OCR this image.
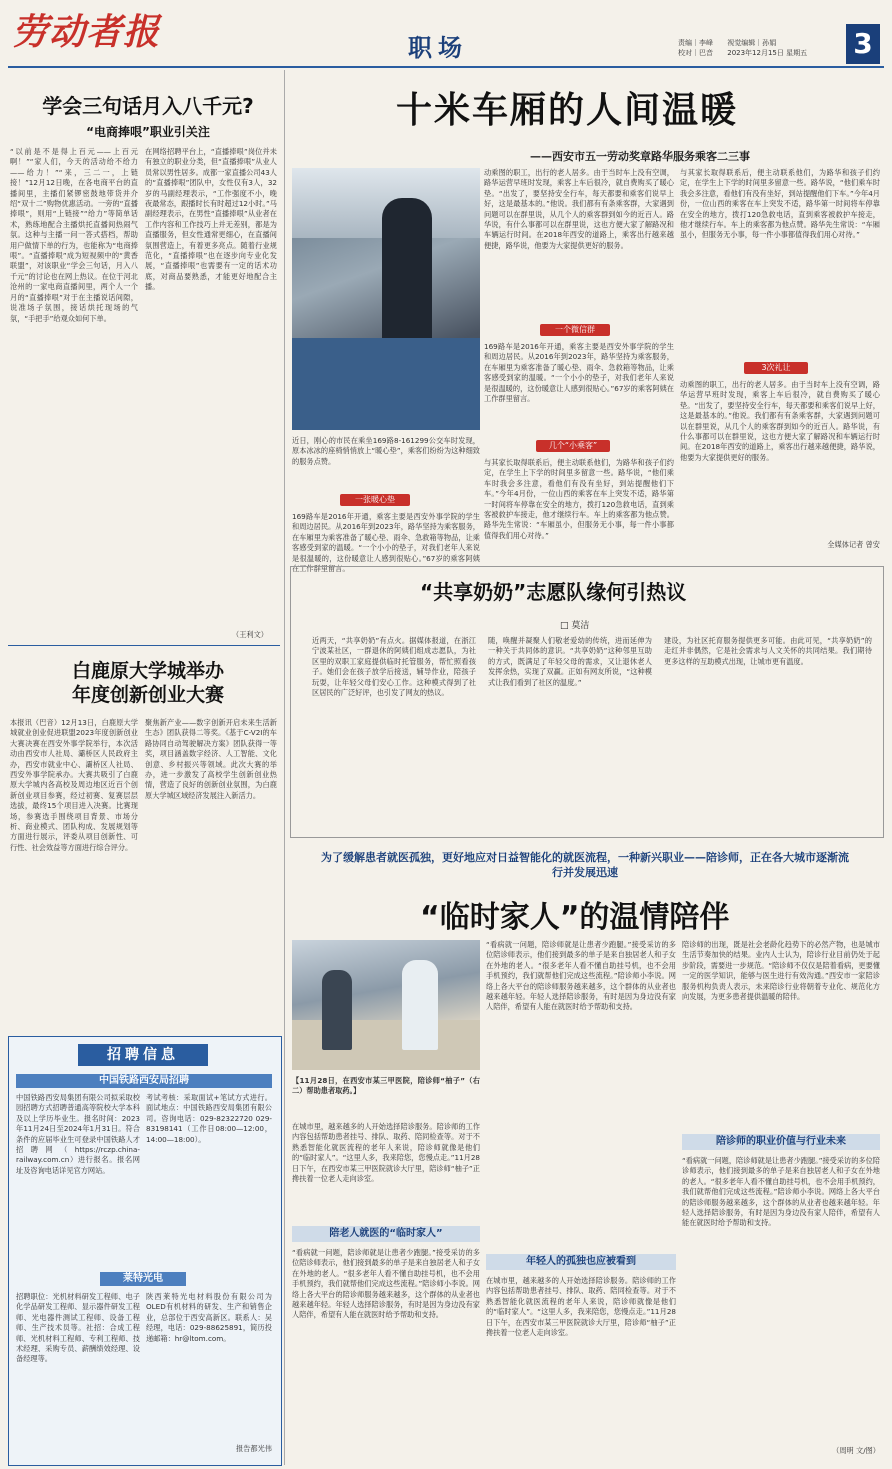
劳动者报	职场	责编｜李峰 视觉编辑｜孙娟
校对｜巴音 2023年12月15日 星期五	3
学会三句话月入八千元?
“电商捧哏”职业引关注
“以前是不是得上百元——上百元啊！”“家人们，今天的活动给不给力——给力！”“来，三二一，上链接！”12月12日晚，在各电商平台的直播间里，主播们紧锣密鼓地带货并介绍“双十二”购物优惠活动。一旁的“直播捧哏”，则用“上链接”“给力”等简单话术，熟练地配合主播烘托直播间热闹气氛。这种与主播一问一答式搭档，帮助用户做情下单的行为，也能称为“电商捧哏”。“直播捧哏”成为短视频中的“黄香联盟”，对该职业“学会三句话，月入八千元”的讨论也在网上热议。在位于河北沧州的一家电商直播间里，两个人一个月的“直播捧哏”对于在主播说话间隙，说准场子氛围，接话烘托现场的气氛，“手把手”给观众如何下单。
在网络招聘平台上，“直播捧哏”岗位并未有独立的职业分类，但“直播捧哏”从业人员常以男性居多。成都一家直播公司43人的“直播捧哏”团队中，女性仅有3人，32岁的马副经理表示，“工作强度不小，晚夜最常态，跟播时长有时超过12小时。”马副经理表示，在男性“直播捧哏”从业者在工作内容和工作技巧上并无差别，都是为直播服务，但女性通常更细心，在直播间氛围营造上，有着更多亮点。随着行业规范化，“直播捧哏”也在逐步向专业化发展，“直播捧哏”也需要有一定的话术功底，对商品要熟悉，才能更好地配合主播。
（王利文）
白鹿原大学城举办
年度创新创业大赛
本报讯（巴音）12月13日，白鹿原大学城就业创业促进联盟2023年度创新创业大赛决赛在西安外事学院举行，本次活动由西安市人社局、灞桥区人民政府主办，西安市就业中心、灞桥区人社局、西安外事学院承办。大赛共吸引了白鹿原大学城内各高校及周边地区近百个创新创业项目参赛，经过初赛、复赛层层选拔，最终15个项目进入决赛。比赛现场，参赛选手围绕项目背景、市场分析、商业模式、团队构成、发展规划等方面进行展示，评委从项目创新性、可行性、社会效益等方面进行综合评分。
聚焦新产业——数字创新开启未来生活新生态》团队获得二等奖。《基于C-V2I的车路协同自动驾驶解决方案》团队获得一等奖，项目涵盖数字经济、人工智能、文化创意、乡村振兴等领域。此次大赛的举办，进一步激发了高校学生创新创业热情，营造了良好的创新创业氛围，为白鹿原大学城区域经济发展注入新活力。
招聘信息
中国铁路西安局招聘
中国铁路西安局集团有限公司拟采取校园招聘方式招聘普通高等院校大学本科及以上学历毕业生。报名时间：2023年11月24日至2024年1月31日。符合条件的应届毕业生可登录中国铁路人才招聘网（https://rczp.china-railway.com.cn）进行报名。报名网址及咨询电话详见官方网站。
考试考核：采取面试+笔试方式进行。面试地点：中国铁路西安局集团有限公司。咨询电话：029-82322720 029-83198141（工作日08:00—12:00，14:00—18:00）。
莱特光电
招聘职位：光机材料研发工程师、电子化学品研发工程师、显示器件研发工程师、光电器件测试工程师、设备工程师、生产技术员等。社招：合成工程师、光机材料工程师、专利工程师、技术经理、采购专员、薪酬绩效经理、设备经理等。
陕西莱特光电材料股份有限公司为OLED有机材料的研发、生产和销售企业，总部位于西安高新区。联系人：吴经理，电话：029-88625891，简历投递邮箱：hr@ltom.com。
报告都光伟
十米车厢的人间温暖
——西安市五一劳动奖章路华服务乘客二三事
近日，刚心的市民在乘坐169路8-161299公交车时发现，原本冰冰的座椅悄悄放上“暖心垫”，乘客们纷纷为这种细致的服务点赞。
一张暖心垫
169路车是2016年开通，乘客主要是西安外事学院的学生和周边居民。从2016年到2023年，路华坚持为乘客服务，在车厢里为乘客准备了暖心垫、雨伞、急救箱等物品，让乘客感受到家的温暖。“一个小小的垫子，对我们老年人来说是很温暖的，这份暖意让人感到很贴心。”67岁的乘客阿姨在工作群里留言。
动乘图的职工，出行的老人居多。由于当时车上没有空调，路华运营早班时发现，乘客上车后很冷，就自费购买了暖心垫。“出发了，要坚持安全行车，每天都要和乘客们说早上好，这是最基本的。”他说。我们都有有条乘客群，大家遇到问题可以在群里说，从几个人的乘客群到如今的近百人。路华说，有什么事都可以在群里说，这也方便大家了解路况和车辆运行时间。在2018年西安的道路上，乘客出行越来越便捷，路华说，他要为大家提供更好的服务。
一个微信群
169路车是2016年开通，乘客主要是西安外事学院的学生和周边居民。从2016年到2023年，路华坚持为乘客服务，在车厢里为乘客准备了暖心垫、雨伞、急救箱等物品，让乘客感受到家的温暖。“一个小小的垫子，对我们老年人来说是很温暖的，这份暖意让人感到很贴心。”67岁的乘客阿姨在工作群里留言。
几个“小乘客”
与其家长取得联系后，便主动联系他们，为路华和孩子们约定，在学生上下学的时间里多留意一些。路华说，“他们乘车时我会多注意，看他们有没有坐好，到站提醒他们下车。”今年4月份，一位山西的乘客在车上突发不适，路华第一时间将车停靠在安全的地方，拨打120急救电话，直到乘客被救护车接走，他才继续行车。车上的乘客都为他点赞。路华先生常说：“车厢虽小，但服务无小事，每一件小事都值得我们用心对待。”
与其家长取得联系后，便主动联系他们，为路华和孩子们约定，在学生上下学的时间里多留意一些。路华说，“他们乘车时我会多注意，看他们有没有坐好，到站提醒他们下车。”今年4月份，一位山西的乘客在车上突发不适，路华第一时间将车停靠在安全的地方，拨打120急救电话，直到乘客被救护车接走，他才继续行车。车上的乘客都为他点赞。路华先生常说：“车厢虽小，但服务无小事，每一件小事都值得我们用心对待。”
3次礼让
动乘图的职工，出行的老人居多。由于当时车上没有空调，路华运营早班时发现，乘客上车后很冷，就自费购买了暖心垫。“出发了，要坚持安全行车，每天都要和乘客们说早上好，这是最基本的。”他说。我们都有有条乘客群，大家遇到问题可以在群里说，从几个人的乘客群到如今的近百人。路华说，有什么事都可以在群里说，这也方便大家了解路况和车辆运行时间。在2018年西安的道路上，乘客出行越来越便捷，路华说，他要为大家提供更好的服务。
全媒体记者 曾安
“共享奶奶”志愿队缘何引热议
□ 莫洁
近两天，“共享奶奶”有点火。据媒体报道，在浙江宁波某社区，一群退休的阿姨们组成志愿队，为社区里的双职工家庭提供临时托管服务，帮忙照看孩子。她们会在孩子放学后接送，辅导作业，陪孩子玩耍，让年轻父母们安心工作。这种模式得到了社区居民的广泛好评，也引发了网友的热议。
随，唤醒并凝聚人们敬老爱幼的传统，进而延伸为一种关于共同体的意识。“共享奶奶”这种邻里互助的方式，既满足了年轻父母的需求，又让退休老人发挥余热，实现了双赢。正如有网友所说，“这种模式让我们看到了社区的温度。”
建设，为社区托育服务提供更多可能。由此可见，“共享奶奶”的走红并非偶然，它是社会需求与人文关怀的共同结果。我们期待更多这样的互助模式出现，让城市更有温度。
为了缓解患者就医孤独，更好地应对日益智能化的就医流程，一种新兴职业——陪诊师，正在各大城市逐渐流行并发展迅速
“临时家人”的温情陪伴
【11月28日，在西安市某三甲医院，陪诊师“柚子”（右二）帮助患者取药。】
在城市里，越来越多的人开始选择陪诊服务。陪诊师的工作内容包括帮助患者挂号、排队、取药、陪同检查等。对于不熟悉智能化就医流程的老年人来说，陪诊师就像是他们的“临时家人”。“这里人多，我来陪您，您慢点走。”11月28日下午，在西安市某三甲医院就诊大厅里，陪诊师“柚子”正搀扶着一位老人走向诊室。
陪老人就医的“临时家人”
“看病就一问题，陪诊师就是让患者少跑腿。”接受采访的多位陪诊师表示，他们接到最多的单子是来自独居老人和子女在外地的老人。“很多老年人看不懂自助挂号机，也不会用手机预约，我们就帮他们完成这些流程。”陪诊师小李说。网络上各大平台的陪诊师服务越来越多，这个群体的从业者也越来越年轻。年轻人选择陪诊服务，有时是因为身边没有家人陪伴，希望有人能在就医时给予帮助和支持。
“看病就一问题，陪诊师就是让患者少跑腿。”接受采访的多位陪诊师表示，他们接到最多的单子是来自独居老人和子女在外地的老人。“很多老年人看不懂自助挂号机，也不会用手机预约，我们就帮他们完成这些流程。”陪诊师小李说。网络上各大平台的陪诊师服务越来越多，这个群体的从业者也越来越年轻。年轻人选择陪诊服务，有时是因为身边没有家人陪伴，希望有人能在就医时给予帮助和支持。
年轻人的孤独也应被看到
在城市里，越来越多的人开始选择陪诊服务。陪诊师的工作内容包括帮助患者挂号、排队、取药、陪同检查等。对于不熟悉智能化就医流程的老年人来说，陪诊师就像是他们的“临时家人”。“这里人多，我来陪您，您慢点走。”11月28日下午，在西安市某三甲医院就诊大厅里，陪诊师“柚子”正搀扶着一位老人走向诊室。
陪诊师的出现，既是社会老龄化趋势下的必然产物，也是城市生活节奏加快的结果。业内人士认为，陪诊行业目前仍处于起步阶段，需要进一步规范。“陪诊师不仅仅是陪着看病，更要懂一定的医学知识，能够与医生进行有效沟通。”西安市一家陪诊服务机构负责人表示，未来陪诊行业将朝着专业化、规范化方向发展，为更多患者提供温暖的陪伴。
陪诊师的职业价值与行业未来
“看病就一问题，陪诊师就是让患者少跑腿。”接受采访的多位陪诊师表示，他们接到最多的单子是来自独居老人和子女在外地的老人。“很多老年人看不懂自助挂号机，也不会用手机预约，我们就帮他们完成这些流程。”陪诊师小李说。网络上各大平台的陪诊师服务越来越多，这个群体的从业者也越来越年轻。年轻人选择陪诊服务，有时是因为身边没有家人陪伴，希望有人能在就医时给予帮助和支持。
（周明 文/图）
